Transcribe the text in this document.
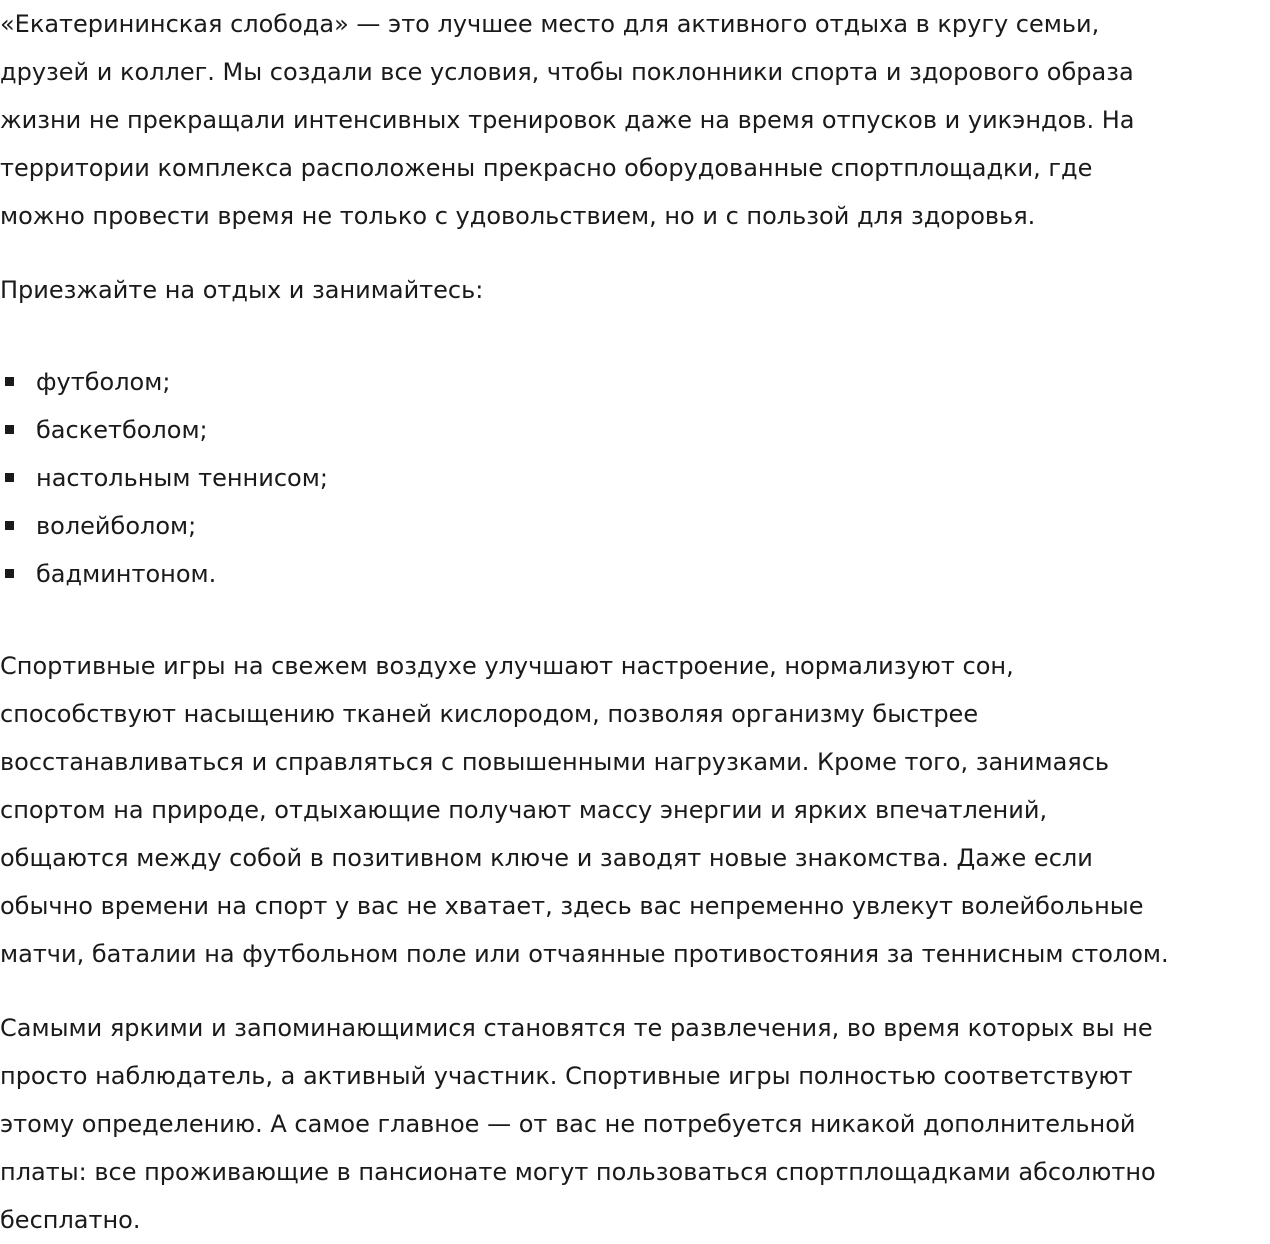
«Екатерининская слобода» — это лучшее место для активного отдыха в кругу семьи,
друзей и коллег. Мы создали все условия, чтобы поклонники спорта и здорового образа
жизни не прекращали интенсивных тренировок даже на время отпусков и уикэндов. На
территории комплекса расположены прекрасно оборудованные спортплощадки, где
можно провести время не только с удовольствием, но и с пользой для здоровья.

Приезжайте на отдых и занимайтесь:

футболом;
баскетболом;
настольным теннисом;
волейболом;
бадминтоном.

Спортивные игры на свежем воздухе улучшают настроение, нормализуют сон,
способствуют насыщению тканей кислородом, позволяя организму быстрее
восстанавливаться и справляться с повышенными нагрузками. Кроме того, занимаясь
спортом на природе, отдыхающие получают массу энергии и ярких впечатлений,
общаются между собой в позитивном ключе и заводят новые знакомства. Даже если
обычно времени на спорт у вас не хватает, здесь вас непременно увлекут волейбольные
матчи, баталии на футбольном поле или отчаянные противостояния за теннисным столом.

Самыми яркими и запоминающимися становятся те развлечения, во время которых вы не
просто наблюдатель, а активный участник. Спортивные игры полностью соответствуют
этому определению. А самое главное — от вас не потребуется никакой дополнительной
платы: все проживающие в пансионате могут пользоваться спортплощадками абсолютно
бесплатно.
